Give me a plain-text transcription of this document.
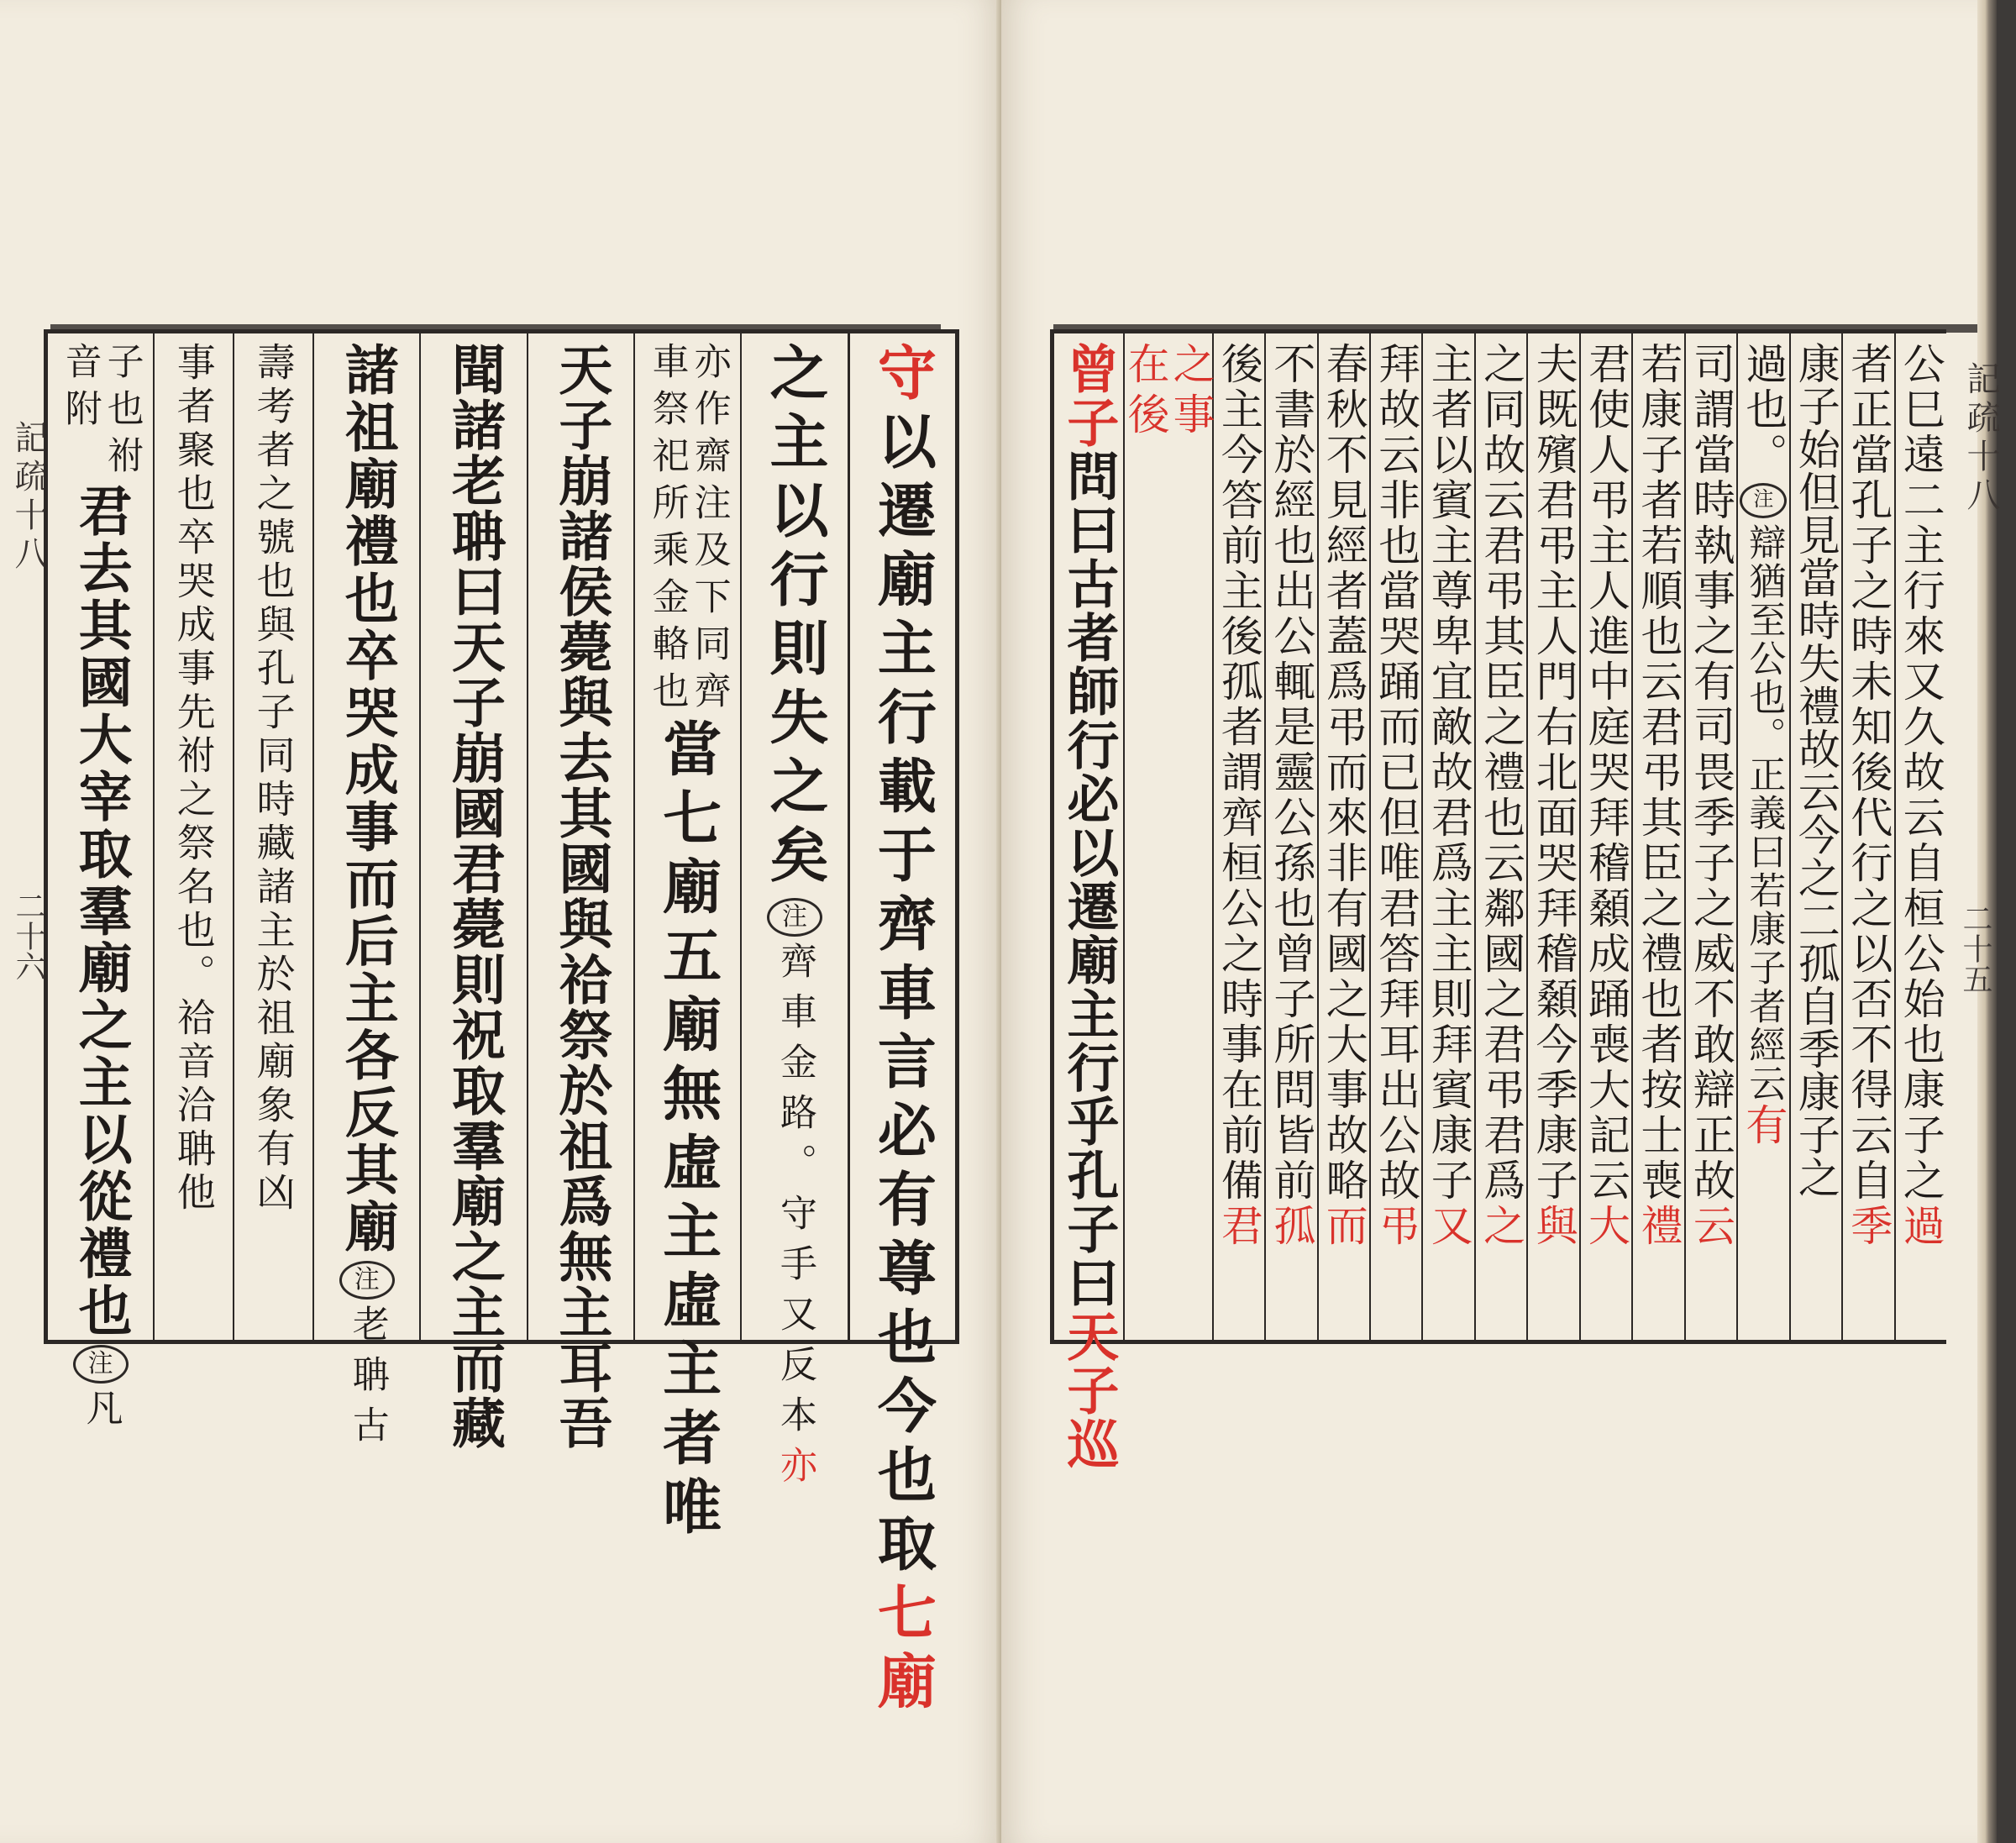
記疏十八
二十六
守
以遷廟主行載于齊車言必有尊也今也取
七廟
之主以行則失之矣
注
齊車金路。守手又反本
亦
亦作齋注及下同齊
車祭祀所乘金輅也
當七廟五廟無虛主虛主者唯
天子崩諸侯薨與去其國與祫祭於祖爲無主耳吾
聞諸老聃曰天子崩國君薨則祝取羣廟之主而藏
諸祖廟禮也卒哭成事而后主各反其廟
注
老聃古
壽考者之號也與孔子同時藏諸主於祖廟象有凶
事者聚也卒哭成事先祔之祭名也。祫音洽聃他
子也祔
音附
君去其國大宰取羣廟之主以從禮也
注
凡
記疏十八
二十五
公巳遠二主行來又久故云自桓公始也康子之
過
者正當孔子之時未知後代行之以否不得云自
季
康子始但見當時失禮故云今之二孤自季康子之
過也。
注
辯猶至公也。正義曰若康子者經云
有
司謂當時執事之有司畏季子之威不敢辯正故
云
若康子者若順也云君弔其臣之禮也者按士喪
禮
君使人弔主人進中庭哭拜稽顙成踊喪大記云
大
夫既殯君弔主人門右北面哭拜稽顙今季康子
與
之同故云君弔其臣之禮也云鄰國之君弔君爲
之
主者以賓主尊卑宜敵故君爲主主則拜賓康子
又
拜故云非也當哭踊而已但唯君答拜耳出公故
弔
春秋不見經者蓋爲弔而來非有國之大事故略
而
不書於經也出公輒是靈公孫也曾子所問皆前
孤
後主今答前主後孤者謂齊桓公之時事在前備
君
之事
在後
曾子
問曰古者師行必以遷廟主行乎孔子曰
天子巡
